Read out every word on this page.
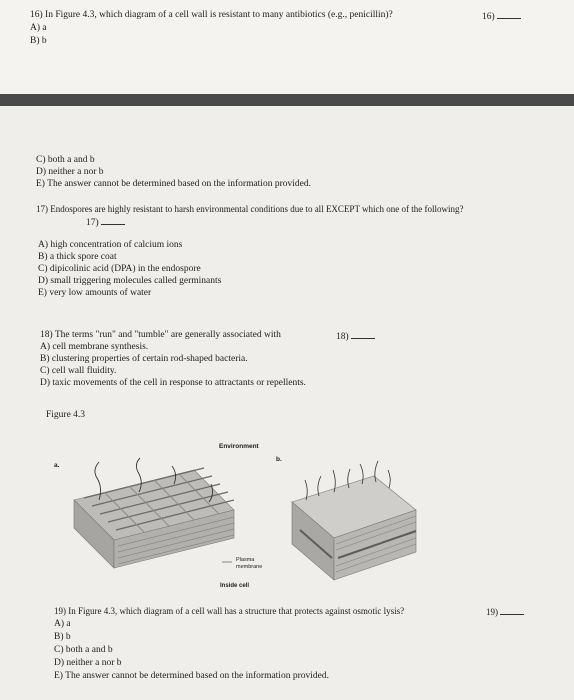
16) In Figure 4.3, which diagram of a cell wall is resistant to many antibiotics (e.g., penicillin)?	16)
A) a
B) b
C) both a and b
D) neither a nor b
E) The answer cannot be determined based on the information provided.
17) Endospores are highly resistant to harsh environmental conditions due to all EXCEPT which one of the following?
17)
A) high concentration of calcium ions
B) a thick spore coat
C) dipicolinic acid (DPA) in the endospore
D) small triggering molecules called germinants
E) very low amounts of water
18) The terms "run" and "tumble" are generally associated with	18)
A) cell membrane synthesis.
B) clustering properties of certain rod-shaped bacteria.
C) cell wall fluidity.
D) taxic movements of the cell in response to attractants or repellents.
Figure 4.3
Environment
a.
b.
Plasma
membrane
Inside cell
19) In Figure 4.3, which diagram of a cell wall has a structure that protects against osmotic lysis?	19)
A) a
B) b
C) both a and b
D) neither a nor b
E) The answer cannot be determined based on the information provided.
